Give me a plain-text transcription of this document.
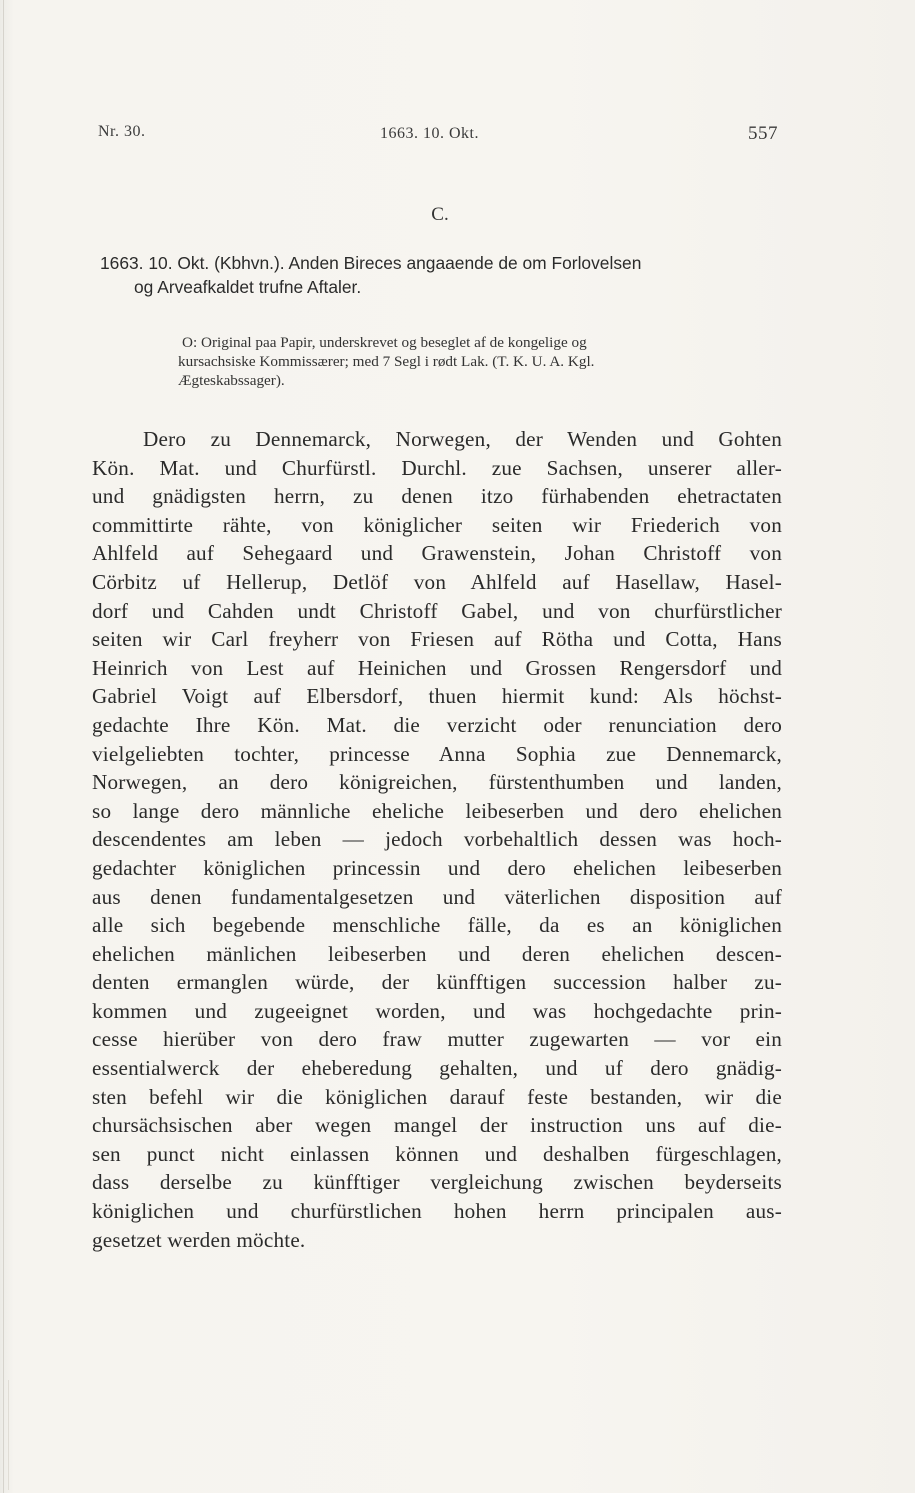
Nr. 30.	1663. 10. Okt.	557
C.

1663. 10. Okt. (Kbhvn.). Anden Bireces angaaende de om Forlovelsen

og Arveafkaldet trufne Aftaler.

O: Original paa Papir, underskrevet og beseglet af de kongelige og
kursachsiske Kommissærer; med 7 Segl i rødt Lak. (T. K. U. A. Kgl.
Ægteskabssager).
Dero zu Dennemarck, Norwegen, der Wenden und Gohten
Kön. Mat. und Churfürstl. Durchl. zue Sachsen, unserer aller-
und gnädigsten herrn, zu denen itzo fürhabenden ehetractaten
committirte rähte, von königlicher seiten wir Friederich von
Ahlfeld auf Sehegaard und Grawenstein, Johan Christoff von
Cörbitz uf Hellerup, Detlöf von Ahlfeld auf Hasellaw, Hasel-
dorf und Cahden undt Christoff Gabel, und von churfürstlicher
seiten wir Carl freyherr von Friesen auf Rötha und Cotta, Hans
Heinrich von Lest auf Heinichen und Grossen Rengersdorf und
Gabriel Voigt auf Elbersdorf, thuen hiermit kund: Als höchst-
gedachte Ihre Kön. Mat. die verzicht oder renunciation dero
vielgeliebten tochter, princesse Anna Sophia zue Dennemarck,
Norwegen, an dero königreichen, fürstenthumben und landen,
so lange dero männliche eheliche leibeserben und dero ehelichen
descendentes am leben — jedoch vorbehaltlich dessen was hoch-
gedachter königlichen princessin und dero ehelichen leibeserben
aus denen fundamentalgesetzen und väterlichen disposition auf
alle sich begebende menschliche fälle, da es an königlichen
ehelichen mänlichen leibeserben und deren ehelichen descen-
denten ermanglen würde, der künfftigen succession halber zu-
kommen und zugeeignet worden, und was hochgedachte prin-
cesse hierüber von dero fraw mutter zugewarten — vor ein
essentialwerck der eheberedung gehalten, und uf dero gnädig-
sten befehl wir die königlichen darauf feste bestanden, wir die
chursächsischen aber wegen mangel der instruction uns auf die-
sen punct nicht einlassen können und deshalben fürgeschlagen,
dass derselbe zu künfftiger vergleichung zwischen beyderseits
königlichen und churfürstlichen hohen herrn principalen aus-
gesetzet werden möchte.
